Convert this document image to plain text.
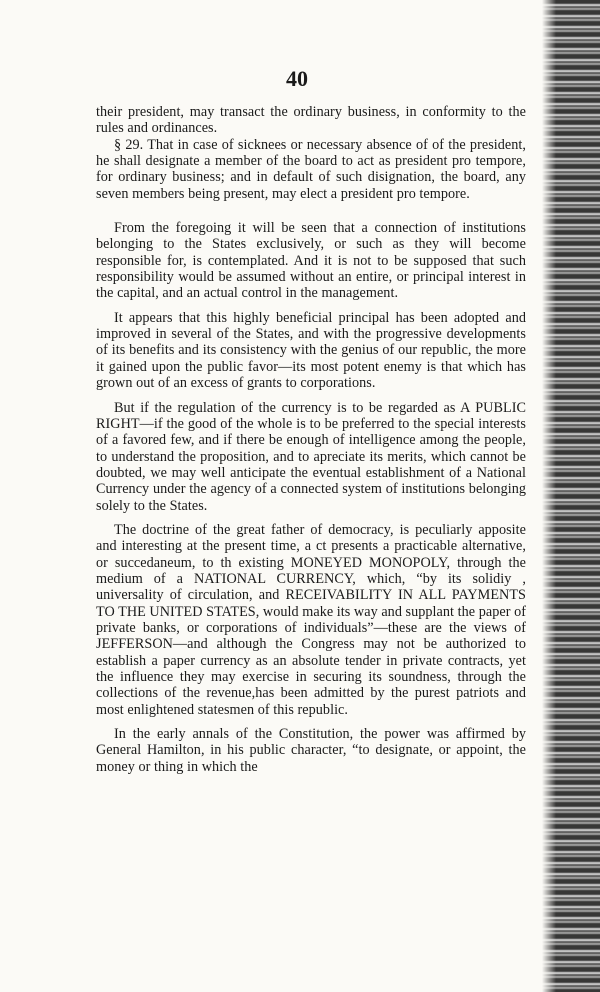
40

their president, may transact the ordinary business, in conformity to the rules and ordinances.

§ 29. That in case of sicknees or necessary absence of of the president, he shall designate a member of the board to act as president pro tempore, for ordinary business; and in default of such disignation, the board, any seven members being present, may elect a president pro tempore.

From the foregoing it will be seen that a connection of institutions belonging to the States exclusively, or such as they will become responsible for, is contemplated. And it is not to be supposed that such responsibility would be assumed without an entire, or principal interest in the capital, and an actual control in the management.

It appears that this highly beneficial principal has been adopted and improved in several of the States, and with the progressive developments of its benefits and its consistency with the genius of our republic, the more it gained upon the public favor—its most potent enemy is that which has grown out of an excess of grants to corporations.

But if the regulation of the currency is to be regarded as A PUBLIC RIGHT—if the good of the whole is to be preferred to the special interests of a favored few, and if there be enough of intelligence among the people, to understand the proposition, and to apreciate its merits, which cannot be doubted, we may well anticipate the eventual establishment of a National Currency under the agency of a connected system of institutions belonging solely to the States.

The doctrine of the great father of democracy, is peculiarly apposite and interesting at the present time, a ct presents a practicable alternative, or succedaneum, to th existing MONEYED MONOPOLY, through the medium of a NATIONAL CURRENCY, which, “by its solidiy , universality of circulation, and RECEIVABILITY IN ALL PAYMENTS TO THE UNITED STATES, would make its way and supplant the paper of private banks, or corporations of individuals”—these are the views of JEFFERSON—and although the Congress may not be authorized to establish a paper currency as an absolute tender in private contracts, yet the influence they may exercise in securing its soundness, through the collections of the revenue,has been admitted by the purest patriots and most enlightened statesmen of this republic.

In the early annals of the Constitution, the power was affirmed by General Hamilton, in his public character, “to designate, or appoint, the money or thing in which the
